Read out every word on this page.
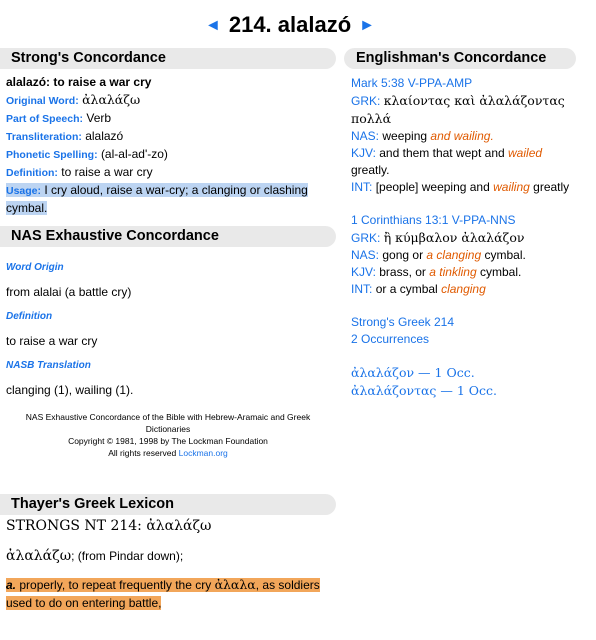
◄ 214. alalazó ►
Strong's Concordance
alalazó: to raise a war cry
Original Word: ἀλαλάζω
Part of Speech: Verb
Transliteration: alalazó
Phonetic Spelling: (al-al-ad'-zo)
Definition: to raise a war cry
Usage: I cry aloud, raise a war-cry; a clanging or clashing cymbal.
NAS Exhaustive Concordance
Word Origin
from alalai (a battle cry)
Definition
to raise a war cry
NASB Translation
clanging (1), wailing (1).
NAS Exhaustive Concordance of the Bible with Hebrew-Aramaic and Greek Dictionaries
Copyright © 1981, 1998 by The Lockman Foundation
All rights reserved Lockman.org
Thayer's Greek Lexicon
STRONGS NT 214: ἀλαλάζω
ἀλαλάζω; (from Pindar down);
a. properly, to repeat frequently the cry ἀλαλα, as soldiers used to do on entering battle,
Englishman's Concordance
Mark 5:38 V-PPA-AMP
GRK: κλαίοντας καὶ ἀλαλάζοντας πολλά
NAS: weeping and wailing.
KJV: and them that wept and wailed greatly.
INT: [people] weeping and wailing greatly
1 Corinthians 13:1 V-PPA-NNS
GRK: ἢ κύμβαλον ἀλαλάζον
NAS: gong or a clanging cymbal.
KJV: brass, or a tinkling cymbal.
INT: or a cymbal clanging
Strong's Greek 214
2 Occurrences
ἀλαλάζον — 1 Occ.
ἀλαλάζοντας — 1 Occ.
